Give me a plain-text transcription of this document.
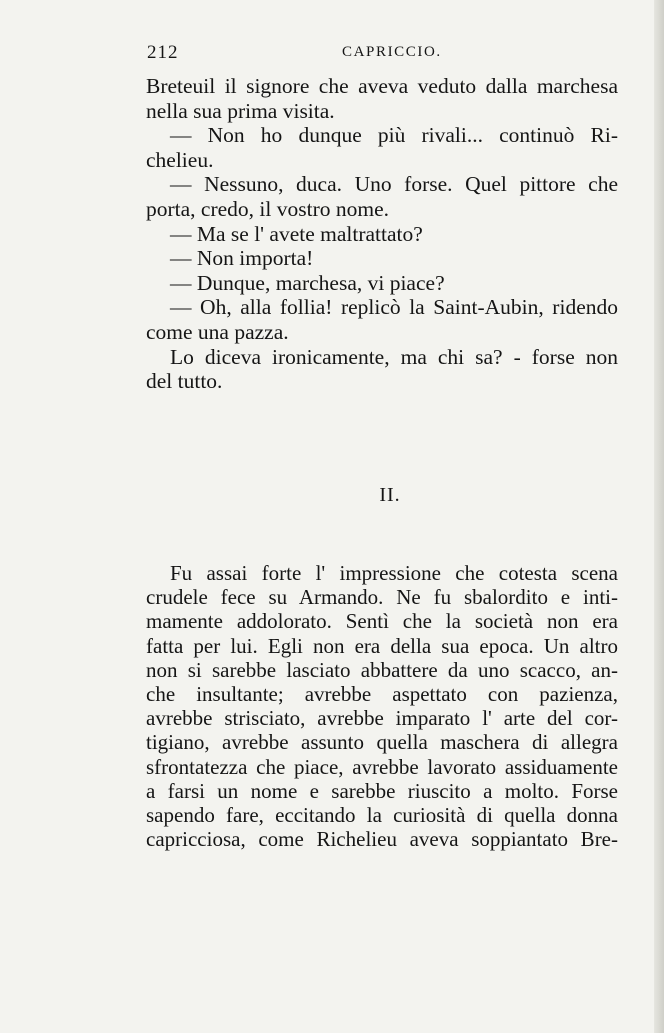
212	CAPRICCIO.
Breteuil il signore che aveva veduto dalla marchesa
nella sua prima visita.
— Non ho dunque più rivali... continuò Ri-
chelieu.
— Nessuno, duca. Uno forse. Quel pittore che
porta, credo, il vostro nome.
— Ma se l' avete maltrattato?
— Non importa!
— Dunque, marchesa, vi piace?
— Oh, alla follia! replicò la Saint-Aubin, ridendo
come una pazza.
Lo diceva ironicamente, ma chi sa? - forse non
del tutto.
II.
Fu assai forte l' impressione che cotesta scena
crudele fece su Armando. Ne fu sbalordito e inti-
mamente addolorato. Sentì che la società non era
fatta per lui. Egli non era della sua epoca. Un altro
non si sarebbe lasciato abbattere da uno scacco, an-
che insultante; avrebbe aspettato con pazienza,
avrebbe strisciato, avrebbe imparato l' arte del cor-
tigiano, avrebbe assunto quella maschera di allegra
sfrontatezza che piace, avrebbe lavorato assiduamente
a farsi un nome e sarebbe riuscito a molto. Forse
sapendo fare, eccitando la curiosità di quella donna
capricciosa, come Richelieu aveva soppiantato Bre-
